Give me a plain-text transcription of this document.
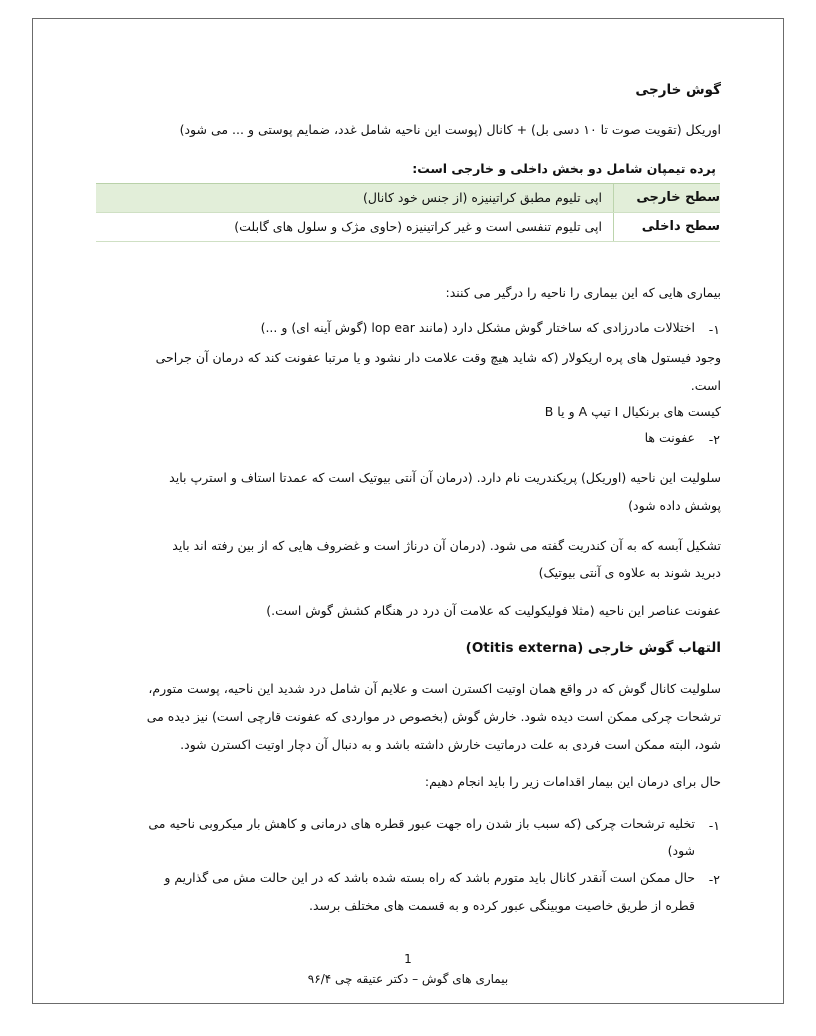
گوش خارجی
اوریکل (تقویت صوت تا ۱۰ دسی بل) + کانال (پوست این ناحیه شامل غدد، ضمایم پوستی و ... می شود)
پرده تیمپان شامل دو بخش داخلی و خارجی است:
سطح خارجی
اپی تلیوم مطبق کراتینیزه (از جنس خود کانال)
سطح داخلی
اپی تلیوم تنفسی است و غیر کراتینیزه (حاوی مژک و سلول های گابلت)
بیماری هایی که این بیماری را ناحیه را درگیر می کنند:
-۱
اختلالات مادرزادی که ساختار گوش مشکل دارد (مانند lop ear (گوش آینه ای) و ...)
وجود فیستول های پره اریکولار (که شاید هیچ وقت علامت دار نشود و یا مرتبا عفونت کند که درمان آن جراحی
است.
کیست های برنکیال I تیپ A و یا B
-۲
عفونت ها
سلولیت این ناحیه (اوریکل) پریکندریت نام دارد. (درمان آن آنتی بیوتیک است که عمدتا استاف و استرپ باید
پوشش داده شود)
تشکیل آبسه که به آن کندریت گفته می شود. (درمان آن درناژ است و غضروف هایی که از بین رفته اند باید
دبرید شوند به علاوه ی آنتی بیوتیک)
عفونت عناصر این ناحیه (مثلا فولیکولیت که علامت آن درد در هنگام کشش گوش است.)
التهاب گوش خارجی (Otitis externa)
سلولیت کانال گوش که در واقع همان اوتیت اکسترن است و علایم آن شامل درد شدید این ناحیه، پوست متورم،
ترشحات چرکی ممکن است دیده شود. خارش گوش (بخصوص در مواردی که عفونت قارچی است) نیز دیده می
شود، البته ممکن است فردی به علت درماتیت خارش داشته باشد و به دنبال آن دچار اوتیت اکسترن شود.
حال برای درمان این بیمار اقدامات زیر را باید انجام دهیم:
-۱
تخلیه ترشحات چرکی (که سبب باز شدن راه جهت عبور قطره های درمانی و کاهش بار میکروبی ناحیه می
شود)
-۲
حال ممکن است آنقدر کانال باید متورم باشد که راه بسته شده باشد که در این حالت مش می گذاریم و
قطره از طریق خاصیت موبینگی عبور کرده و به قسمت های مختلف برسد.
1
بیماری های گوش – دکتر عتیقه چی ۹۶/۴
